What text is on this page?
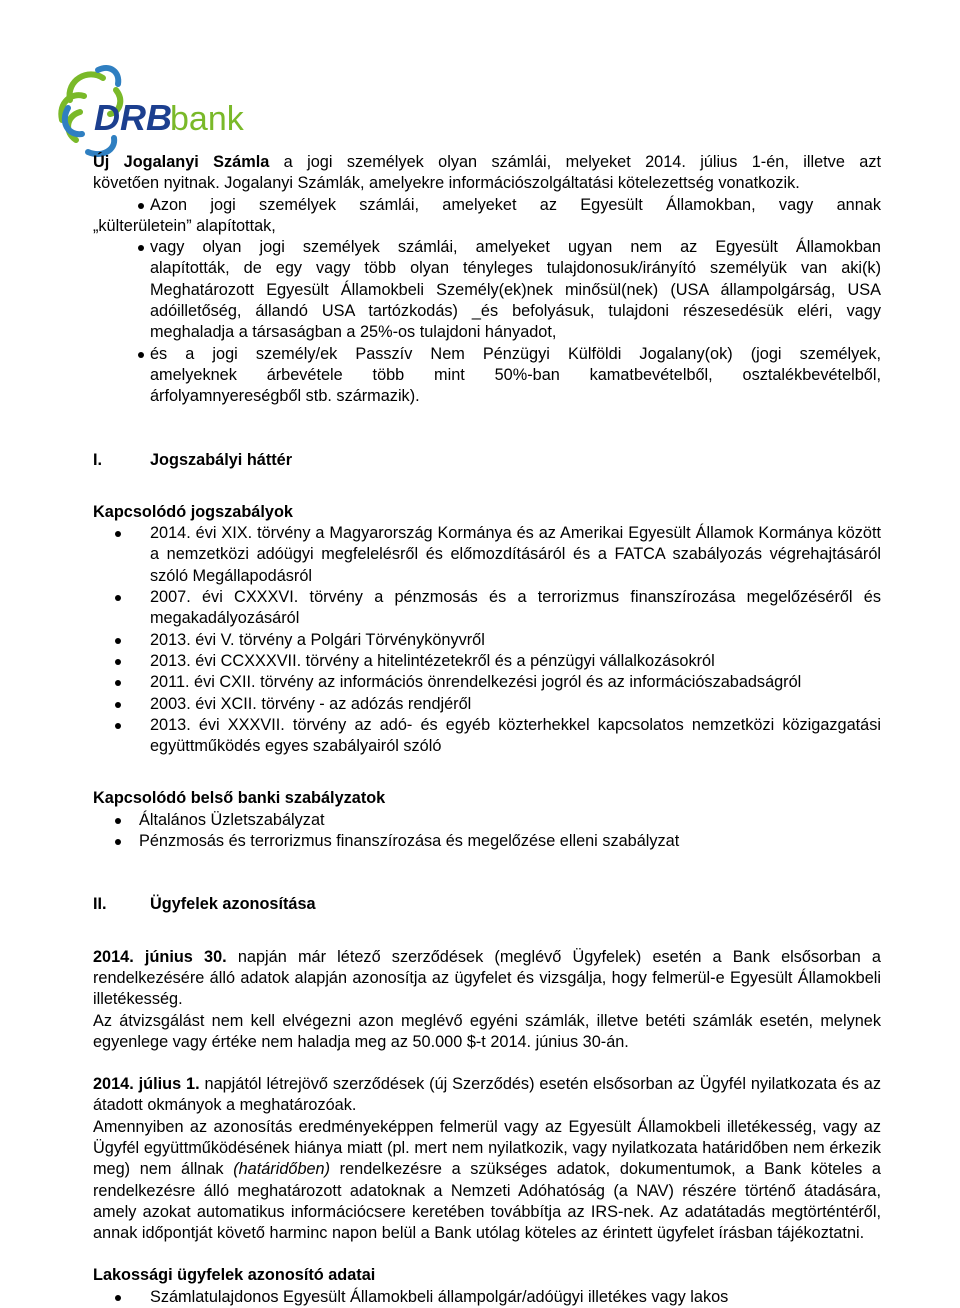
DRB
bank

Új Jogalanyi Számla a jogi személyek olyan számlái, melyeket 2014. július 1-én, illetve azt

követően nyitnak. Jogalanyi Számlák, amelyekre információszolgáltatási kötelezettség vonatkozik.

Azon jogi személyek számlái, amelyeket az Egyesült Államokban, vagy annak

„külterületein” alapítottak,

vagy olyan jogi személyek számlái, amelyeket ugyan nem az Egyesült Államokban

alapították, de egy vagy több olyan tényleges tulajdonosuk/irányító személyük van aki(k) Meghatározott Egyesült Államokbeli Személy(ek)nek minősül(nek) (USA állampolgárság, USA adóilletőség, állandó USA tartózkodás) _és befolyásuk, tulajdoni részesedésük eléri, vagy meghaladja a társaságban a 25%-os tulajdoni hányadot,

és a jogi személy/ek Passzív Nem Pénzügyi Külföldi Jogalany(ok) (jogi személyek,

amelyeknek árbevétele több mint 50%-ban kamatbevételből, osztalékbevételből, árfolyamnyereségből stb. származik).

I.	Jogszabályi háttér
Kapcsolódó jogszabályok
2014. évi XIX. törvény a Magyarország Kormánya és az Amerikai Egyesült Államok Kormánya között a nemzetközi adóügyi megfelelésről és előmozdításáról és a FATCA szabályozás végrehajtásáról szóló Megállapodásról
2007. évi CXXXVI. törvény a pénzmosás és a terrorizmus finanszírozása megelőzéséről és megakadályozásáról
2013. évi V. törvény a Polgári Törvénykönyvről
2013. évi CCXXXVII. törvény a hitelintézetekről és a pénzügyi vállalkozásokról
2011. évi CXII. törvény az információs önrendelkezési jogról és az információszabadságról
2003. évi XCII. törvény - az adózás rendjéről
2013. évi XXXVII. törvény az adó- és egyéb közterhekkel kapcsolatos nemzetközi közigazgatási együttműködés egyes szabályairól szóló
Kapcsolódó belső banki szabályzatok
Általános Üzletszabályzat
Pénzmosás és terrorizmus finanszírozása és megelőzése elleni szabályzat
II.	Ügyfelek azonosítása

2014. június 30. napján már létező szerződések (meglévő Ügyfelek) esetén a Bank elsősorban a rendelkezésére álló adatok alapján azonosítja az ügyfelet és vizsgálja, hogy felmerül-e Egyesült Államokbeli illetékesség.

Az átvizsgálást nem kell elvégezni azon meglévő egyéni számlák, illetve betéti számlák esetén, melynek egyenlege vagy értéke nem haladja meg az 50.000 $-t 2014. június 30-án.

2014. július 1. napjától létrejövő szerződések (új Szerződés) esetén elsősorban az Ügyfél nyilatkozata és az átadott okmányok a meghatározóak.

Amennyiben az azonosítás eredményeképpen felmerül vagy az Egyesült Államokbeli illetékesség, vagy az Ügyfél együttműködésének hiánya miatt (pl. mert nem nyilatkozik, vagy nyilatkozata határidőben nem érkezik meg) nem állnak (határidőben) rendelkezésre a szükséges adatok, dokumentumok, a Bank köteles a rendelkezésre álló meghatározott adatoknak a Nemzeti Adóhatóság (a NAV) részére történő átadására, amely azokat automatikus információcsere keretében továbbítja az IRS-nek. Az adatátadás megtörténtéről, annak időpontját követő harminc napon belül a Bank utólag köteles az érintett ügyfelet írásban tájékoztatni.

Lakossági ügyfelek azonosító adatai
Számlatulajdonos Egyesült Államokbeli állampolgár/adóügyi illetékes vagy lakos
